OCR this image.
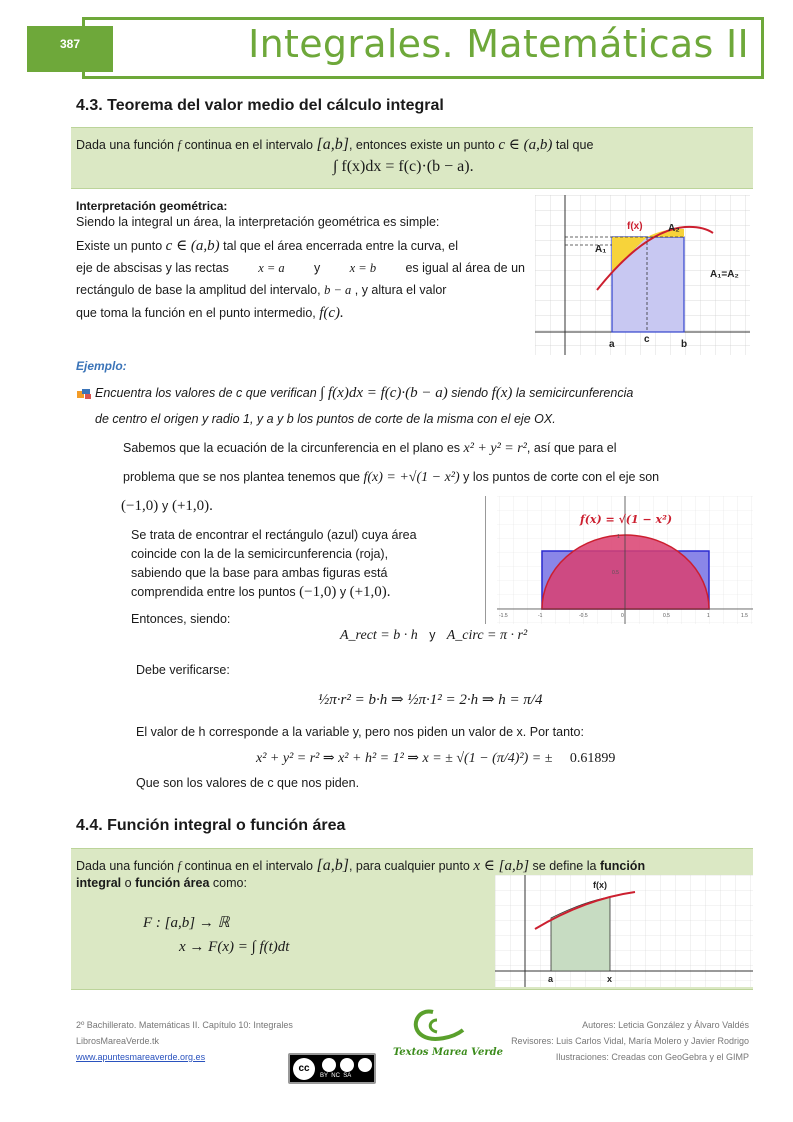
387	Integrales. Matemáticas II
4.3. Teorema del valor medio del cálculo integral
Dada una función f continua en el intervalo [a,b], entonces existe un punto c ∈ (a,b) tal que
∫ f(x)dx = f(c)·(b − a).
Interpretación geométrica:
Siendo la integral un área, la interpretación geométrica es simple:
Existe un punto c ∈ (a,b) tal que el área encerrada entre la curva, el
eje de abscisas y las rectas x = a y x = b es igual al área de un
rectángulo de base la amplitud del intervalo, b − a , y altura el valor
que toma la función en el punto intermedio, f(c).
f(x)
A₁
A₂
A₁=A₂
a	c	b
Ejemplo:
Encuentra los valores de c que verifican ∫ f(x)dx = f(c)·(b − a) siendo f(x) la semicircunferencia
de centro el origen y radio 1, y a y b los puntos de corte de la misma con el eje OX.
Sabemos que la ecuación de la circunferencia en el plano es x² + y² = r², así que para el
problema que se nos plantea tenemos que f(x) = +√(1 − x²) y los puntos de corte con el eje son
(−1,0) y (+1,0).
Se trata de encontrar el rectángulo (azul) cuya área
coincide con la de la semicircunferencia (roja),
sabiendo que la base para ambas figuras está
comprendida entre los puntos (−1,0) y (+1,0).
f(x) = √(1 − x²)
1
0.5
-1.5	-1	-0.5	0	0.5	1	1.5
Entonces, siendo:
A_rect = b · h y A_circ = π · r²
Debe verificarse:
½π·r² = b·h ⇒ ½π·1² = 2·h ⇒ h = π/4
El valor de h corresponde a la variable y, pero nos piden un valor de x. Por tanto:
x² + y² = r² ⇒ x² + h² = 1² ⇒ x = ± √(1 − (π/4)²) = ± 0.61899
Que son los valores de c que nos piden.
4.4. Función integral o función área
Dada una función f continua en el intervalo [a,b], para cualquier punto x ∈ [a,b] se define la función
integral o función área como:
F : [a,b] → ℝ
x → F(x) = ∫ f(t)dt
f(x)
a	x
2º Bachillerato. Matemáticas II. Capítulo 10: Integrales
LibrosMareaVerde.tk
www.apuntesmareaverde.org.es	Textos Marea Verde
cc
BY  NC  SA
Autores: Leticia González y Álvaro Valdés
Revisores: Luis Carlos Vidal, María Molero y Javier Rodrigo
Ilustraciones: Creadas con GeoGebra y el GIMP
